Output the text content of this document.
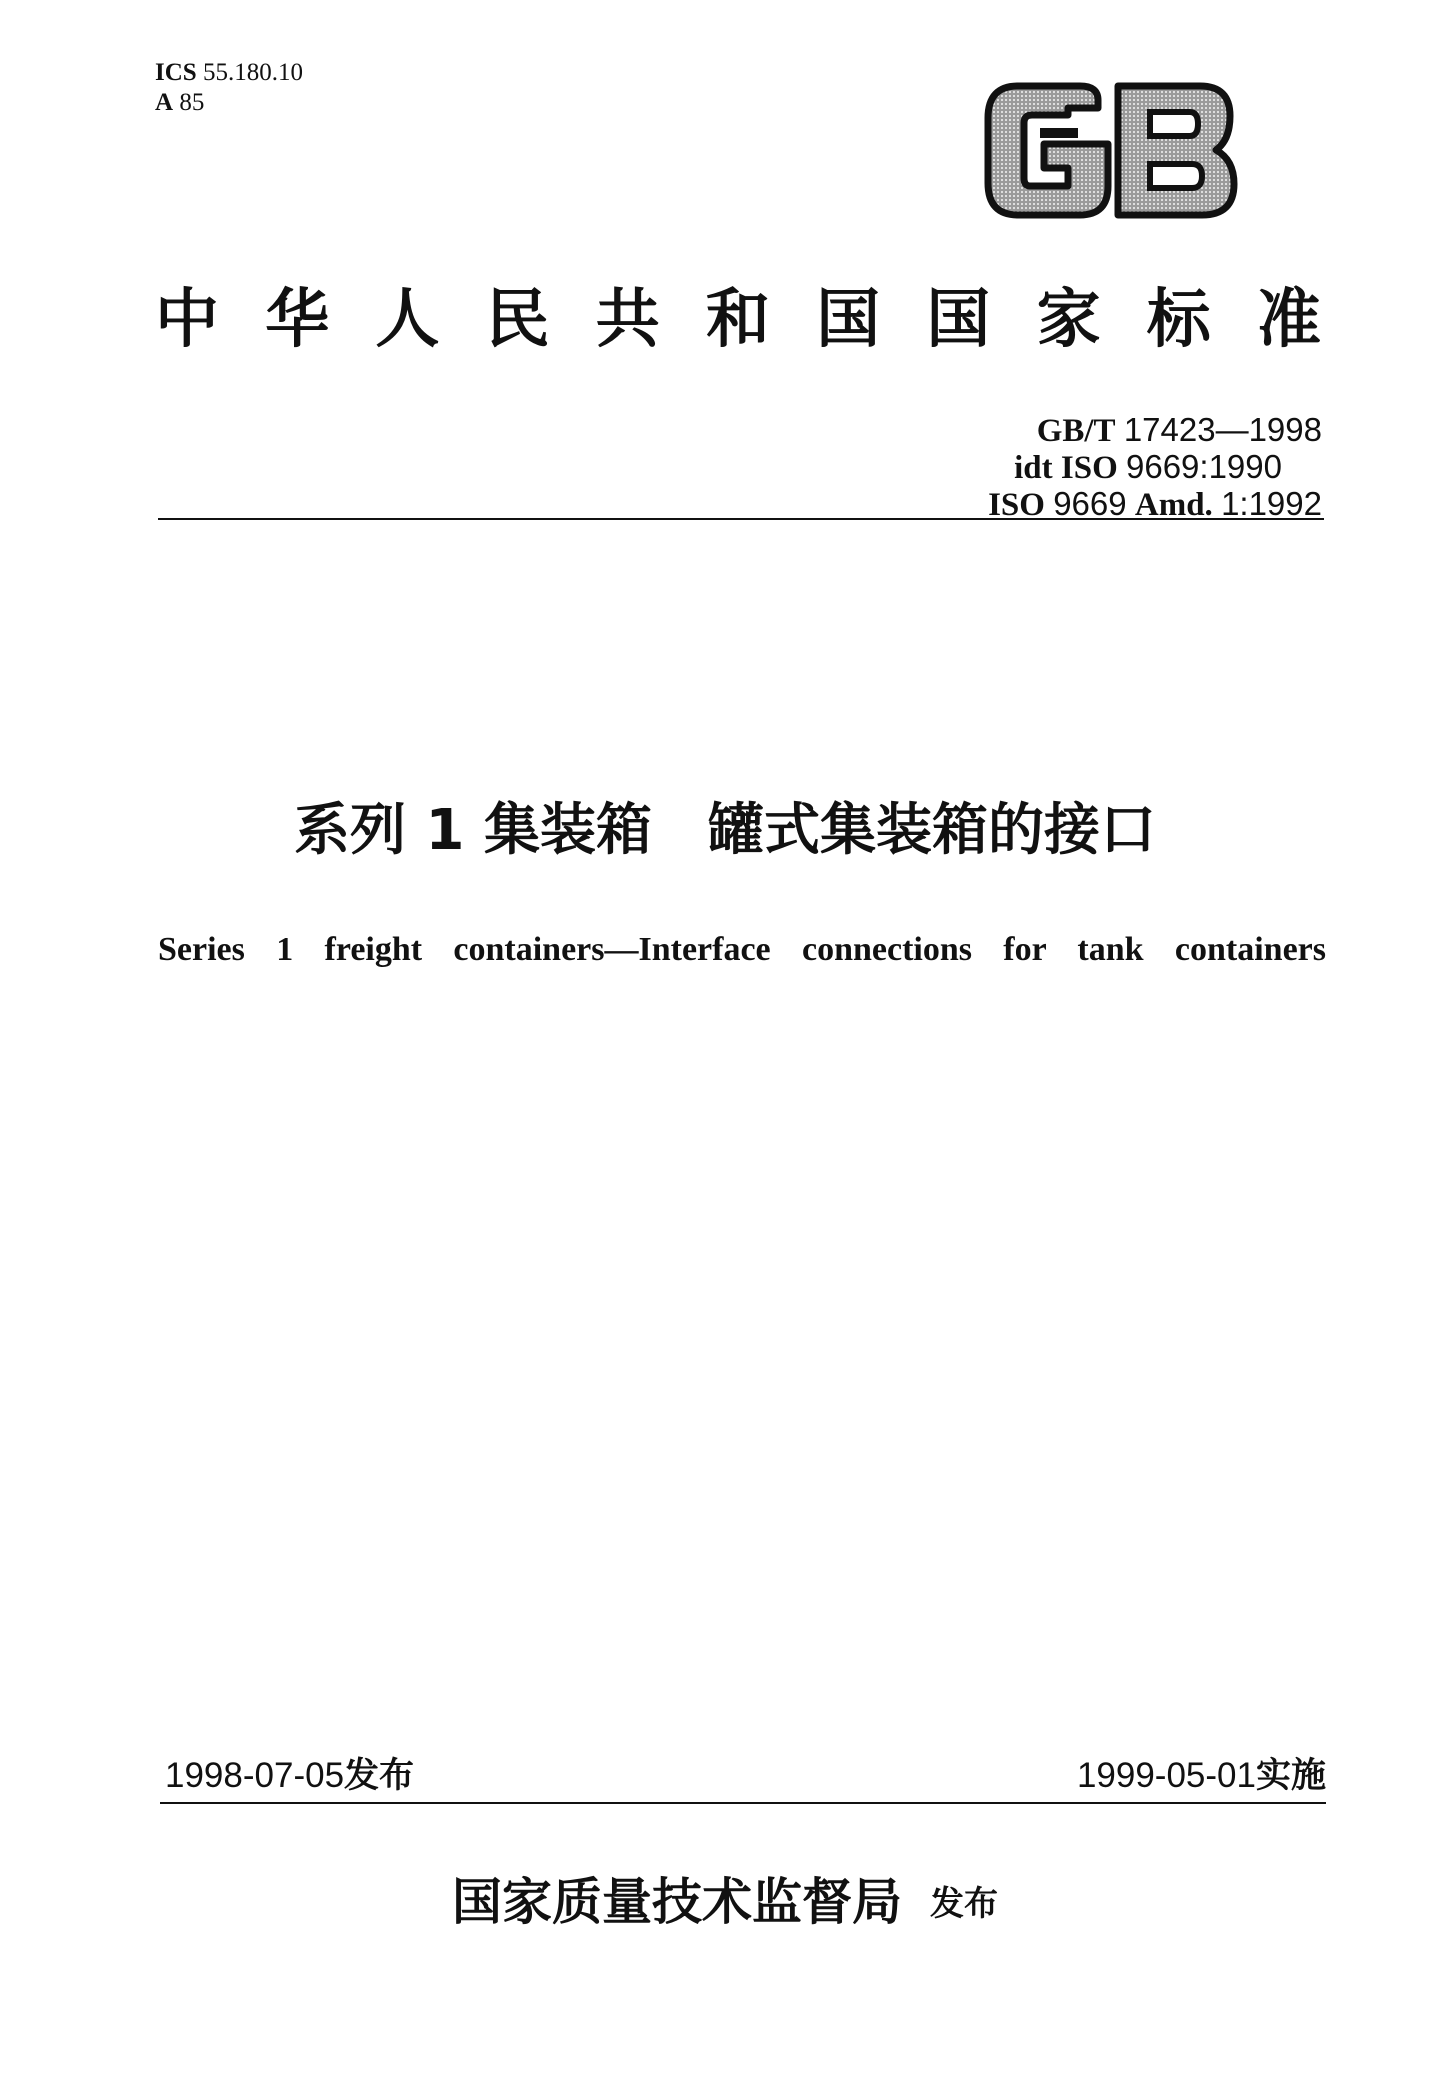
ICS 55.180.10
A 85
中华人民共和国国家标准
GB/T 17423—1998
idt ISO 9669:1990
ISO 9669 Amd. 1:1992
系列 1 集装箱　罐式集装箱的接口
Series 1 freight containers—Interface connections for tank containers
1998-07-05发布	1999-05-01实施
国家质量技术监督局 发布
